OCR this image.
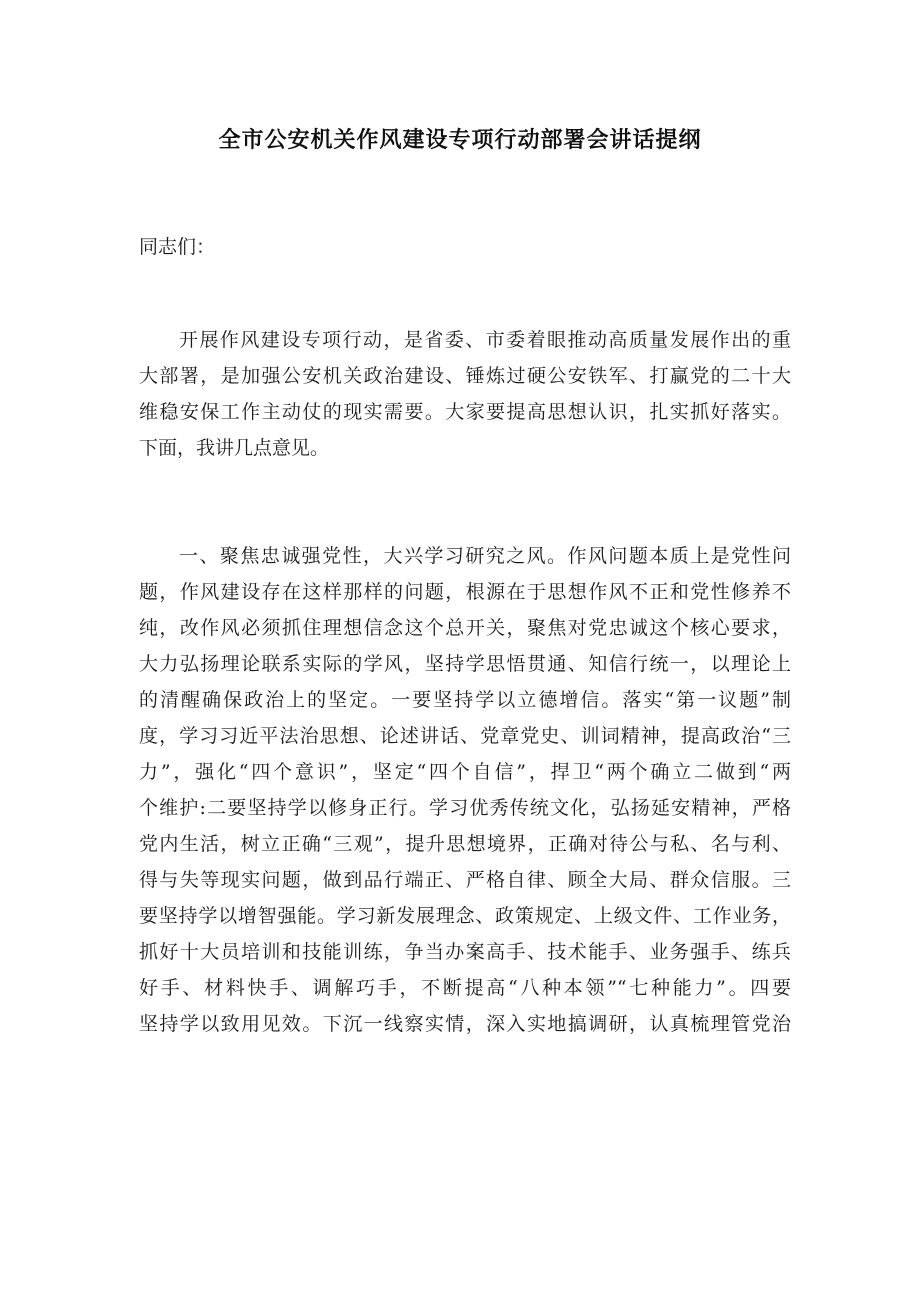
全市公安机关作风建设专项行动部署会讲话提纲

同志们：

开展作风建设专项行动，是省委、市委着眼推动高质量发展作出的重
大部署，是加强公安机关政治建设、锤炼过硬公安铁军、打赢党的二十大
维稳安保工作主动仗的现实需要。大家要提高思想认识，扎实抓好落实。
下面，我讲几点意见。
一、聚焦忠诚强党性，大兴学习研究之风。作风问题本质上是党性问
题，作风建设存在这样那样的问题，根源在于思想作风不正和党性修养不
纯，改作风必须抓住理想信念这个总开关，聚焦对党忠诚这个核心要求，
大力弘扬理论联系实际的学风，坚持学思悟贯通、知信行统一，以理论上
的清醒确保政治上的坚定。一要坚持学以立德增信。落实“第一议题”制
度，学习习近平法治思想、论述讲话、党章党史、训词精神，提高政治“三
力”，强化“四个意识”，坚定“四个自信”，捍卫“两个确立二做到“两
个维护:二要坚持学以修身正行。学习优秀传统文化，弘扬延安精神，严格
党内生活，树立正确“三观”，提升思想境界，正确对待公与私、名与利、
得与失等现实问题，做到品行端正、严格自律、顾全大局、群众信服。三
要坚持学以增智强能。学习新发展理念、政策规定、上级文件、工作业务，
抓好十大员培训和技能训练，争当办案高手、技术能手、业务强手、练兵
好手、材料快手、调解巧手，不断提高“八种本领”“七种能力”。四要
坚持学以致用见效。下沉一线察实情，深入实地搞调研，认真梳理管党治
